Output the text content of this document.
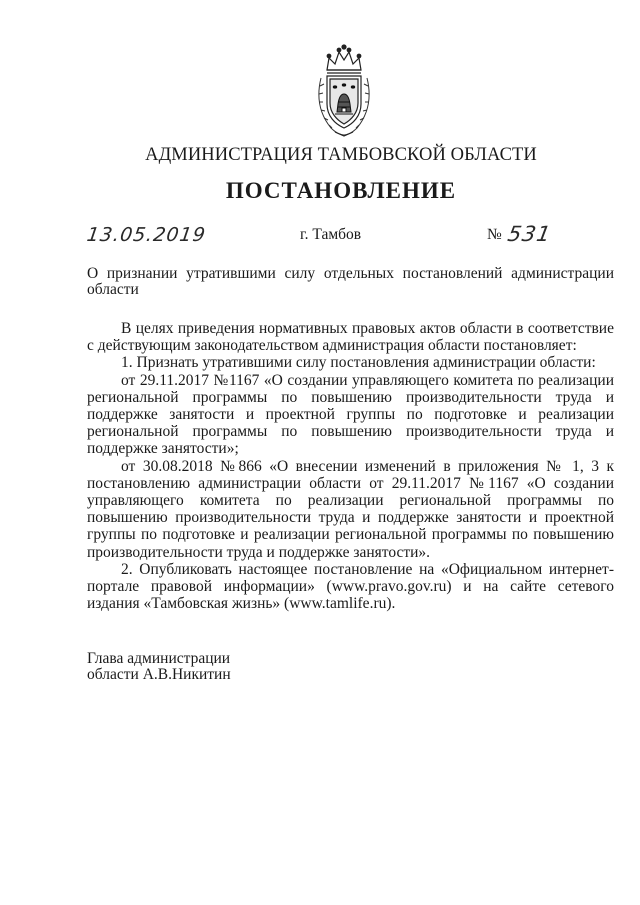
АДМИНИСТРАЦИЯ ТАМБОВСКОЙ ОБЛАСТИ
ПОСТАНОВЛЕНИЕ
13.05.2019	г. Тамбов	№ 531
О признании утратившими силу отдельных постановлений администрации области

В целях приведения нормативных правовых актов области в соответствие с действующим законодательством администрация области постановляет:

1. Признать утратившими силу постановления администрации области:

от 29.11.2017 №1167 «О создании управляющего комитета по реализации региональной программы по повышению производительности труда и поддержке занятости и проектной группы по подготовке и реализации региональной программы по повышению производительности труда и поддержке занятости»;

от 30.08.2018 №866 «О внесении изменений в приложения № 1, 3 к постановлению администрации области от 29.11.2017 №1167 «О создании управляющего комитета по реализации региональной программы по повышению производительности труда и поддержке занятости и проектной группы по подготовке и реализации региональной программы по повышению производительности труда и поддержке занятости».

2. Опубликовать настоящее постановление на «Официальном интернет-портале правовой информации» (www.pravo.gov.ru) и на сайте сетевого издания «Тамбовская жизнь» (www.tamlife.ru).

Глава администрации
области А.В.Никитин
